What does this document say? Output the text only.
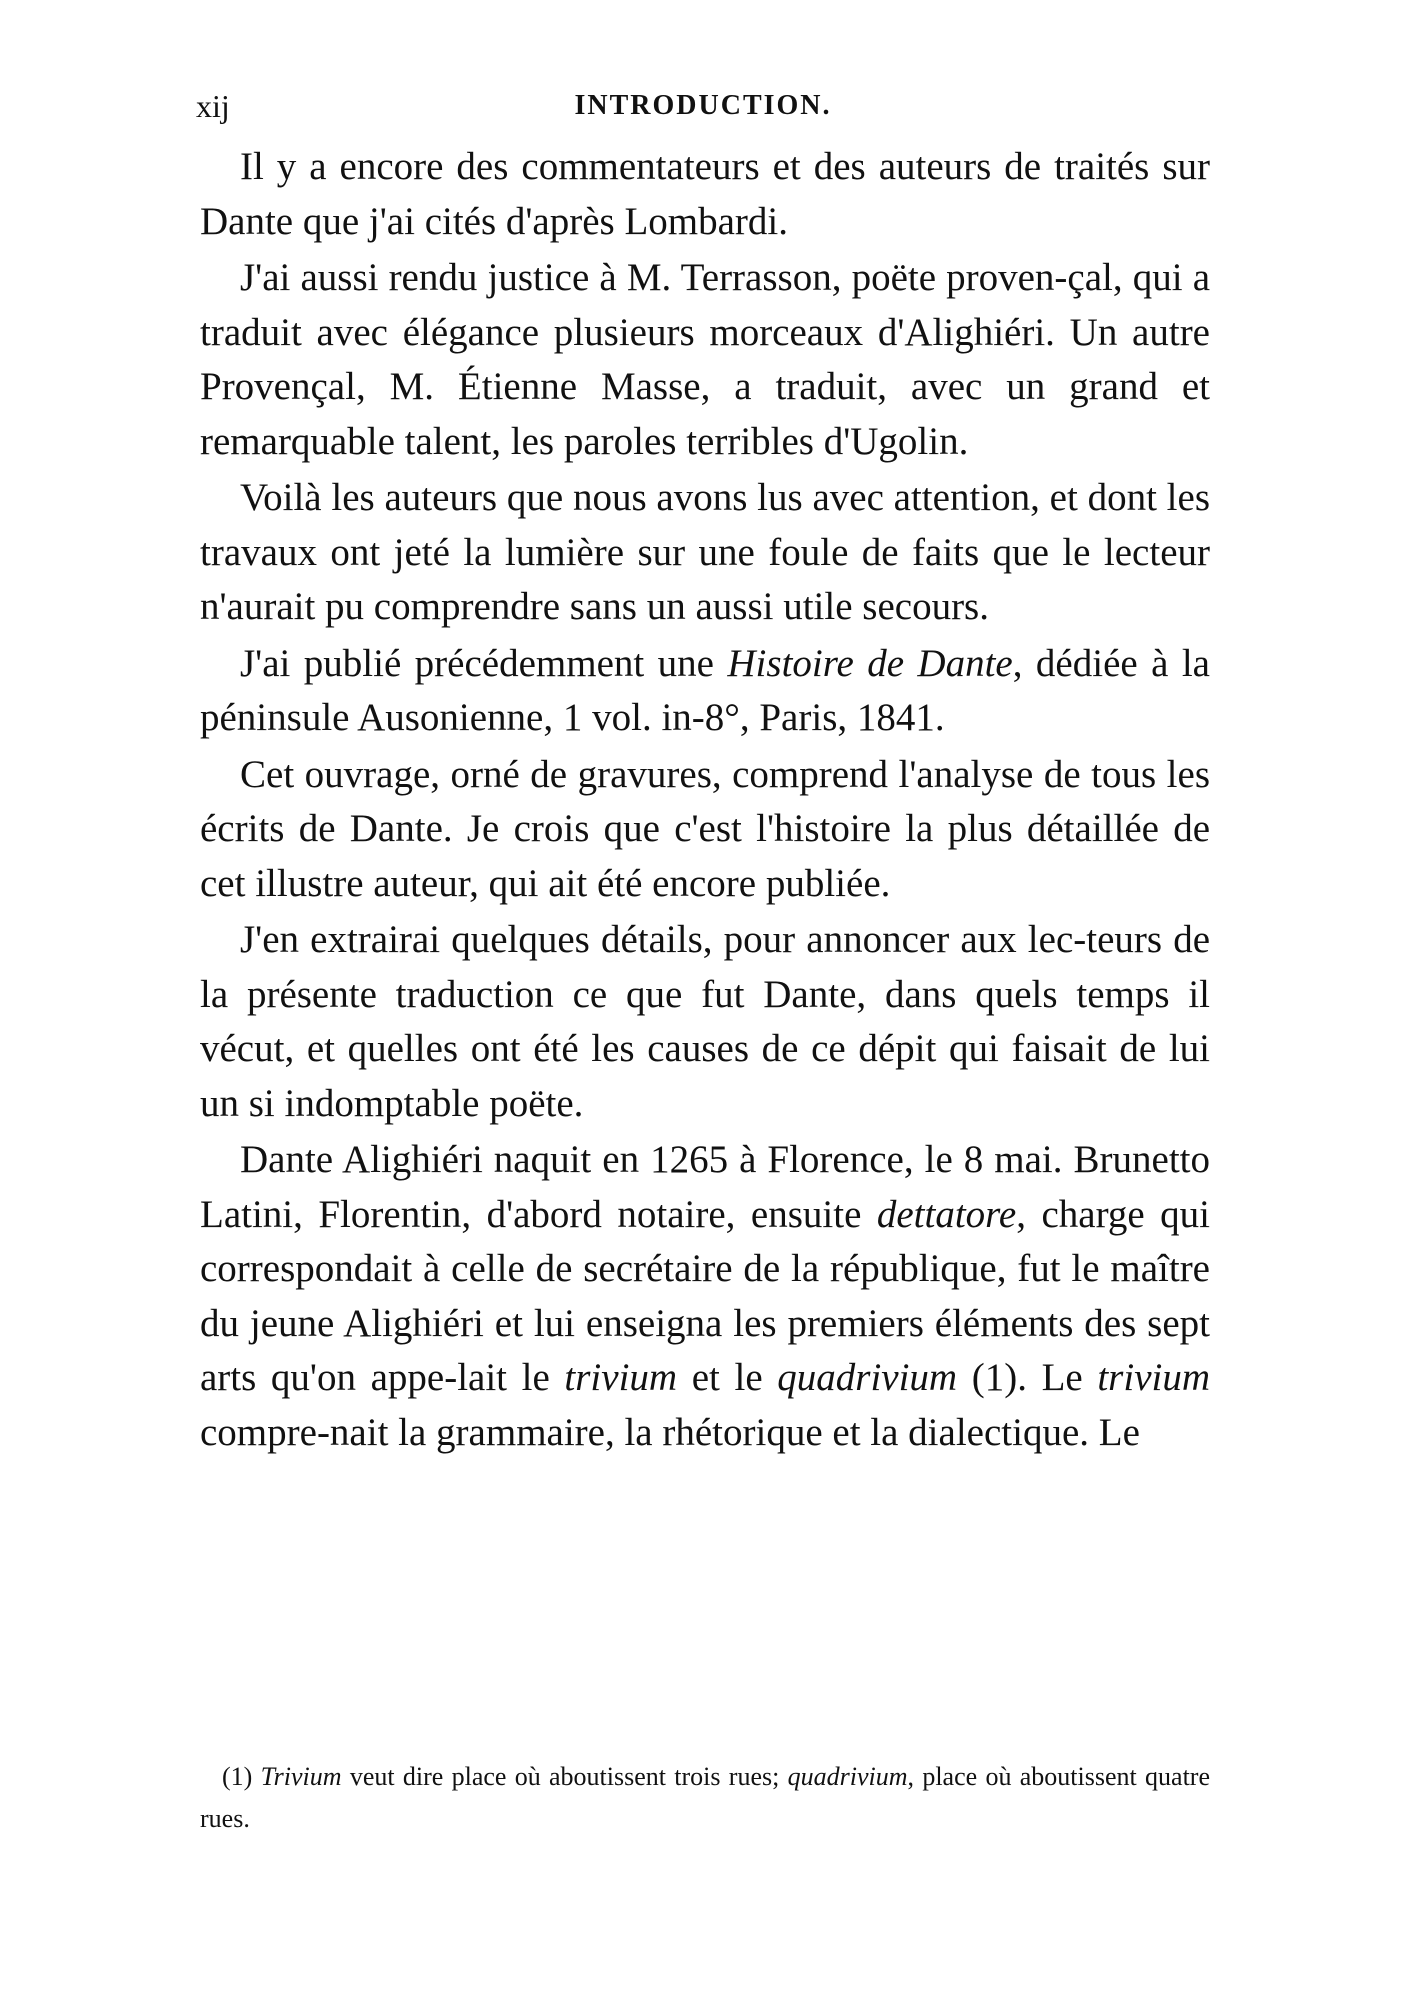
xij	INTRODUCTION.

Il y a encore des commentateurs et des auteurs de traités sur Dante que j'ai cités d'après Lombardi.

J'ai aussi rendu justice à M. Terrasson, poëte proven-çal, qui a traduit avec élégance plusieurs morceaux d'Alighiéri. Un autre Provençal, M. Étienne Masse, a traduit, avec un grand et remarquable talent, les paroles terribles d'Ugolin.

Voilà les auteurs que nous avons lus avec attention, et dont les travaux ont jeté la lumière sur une foule de faits que le lecteur n'aurait pu comprendre sans un aussi utile secours.

J'ai publié précédemment une Histoire de Dante, dédiée à la péninsule Ausonienne, 1 vol. in-8°, Paris, 1841.

Cet ouvrage, orné de gravures, comprend l'analyse de tous les écrits de Dante. Je crois que c'est l'histoire la plus détaillée de cet illustre auteur, qui ait été encore publiée.

J'en extrairai quelques détails, pour annoncer aux lec-teurs de la présente traduction ce que fut Dante, dans quels temps il vécut, et quelles ont été les causes de ce dépit qui faisait de lui un si indomptable poëte.

Dante Alighiéri naquit en 1265 à Florence, le 8 mai. Brunetto Latini, Florentin, d'abord notaire, ensuite dettatore, charge qui correspondait à celle de secrétaire de la république, fut le maître du jeune Alighiéri et lui enseigna les premiers éléments des sept arts qu'on appe-lait le trivium et le quadrivium (1). Le trivium compre-nait la grammaire, la rhétorique et la dialectique. Le

(1) Trivium veut dire place où aboutissent trois rues; quadrivium, place où aboutissent quatre rues.
